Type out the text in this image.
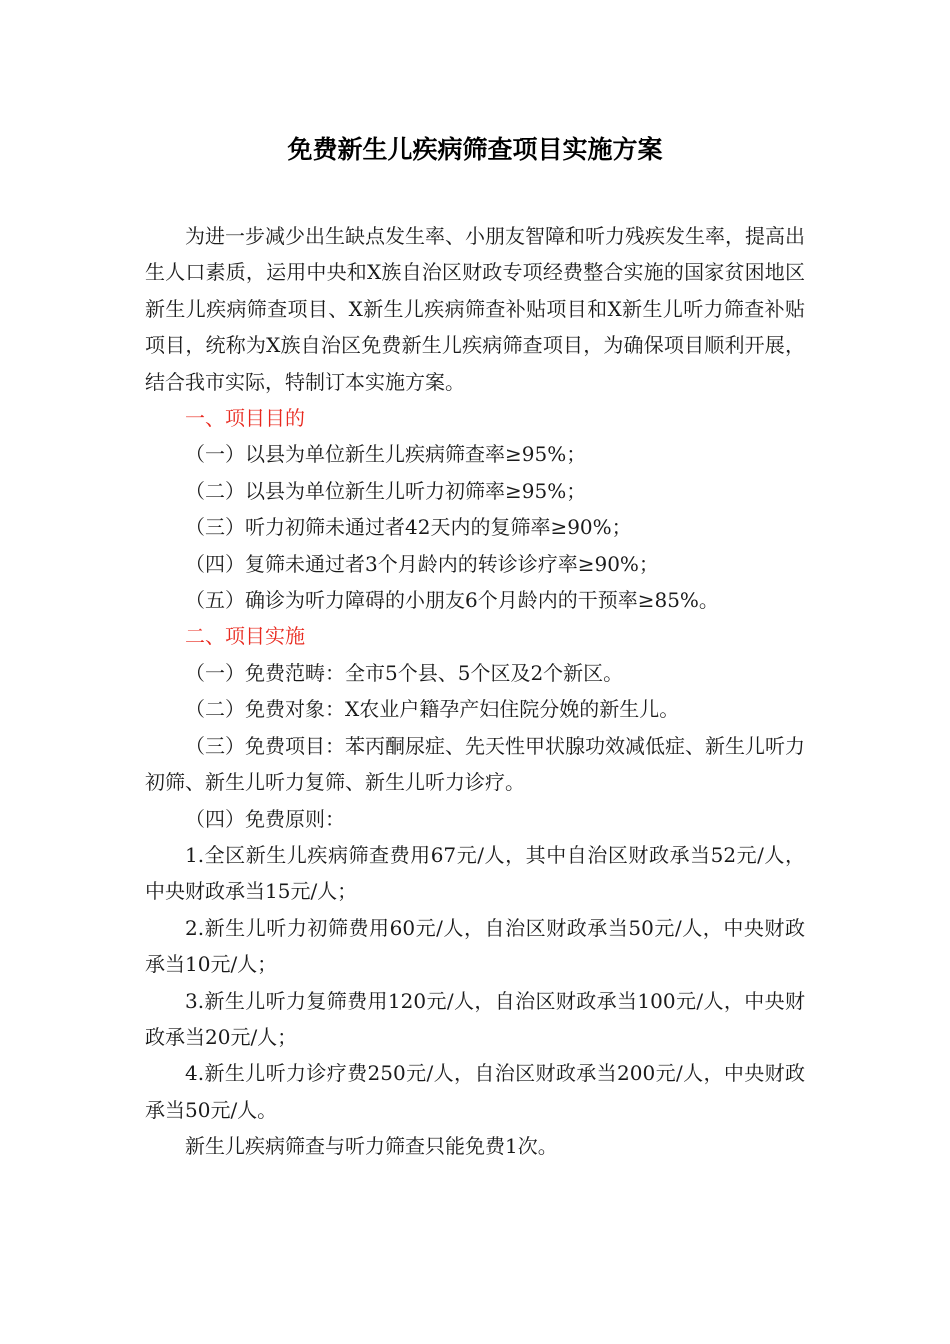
免费新生儿疾病筛查项目实施方案

为进一步减少出生缺点发生率、小朋友智障和听力残疾发生率，提高出生人口素质，运用中央和X族自治区财政专项经费整合实施的国家贫困地区新生儿疾病筛查项目、X新生儿疾病筛查补贴项目和X新生儿听力筛查补贴项目，统称为X族自治区免费新生儿疾病筛查项目，为确保项目顺利开展，结合我市实际，特制订本实施方案。

一、项目目的

（一）以县为单位新生儿疾病筛查率≥95%；

（二）以县为单位新生儿听力初筛率≥95%；

（三）听力初筛未通过者42天内的复筛率≥90%；

（四）复筛未通过者3个月龄内的转诊诊疗率≥90%；

（五）确诊为听力障碍的小朋友6个月龄内的干预率≥85%。

二、项目实施

（一）免费范畴：全市5个县、5个区及2个新区。

（二）免费对象：X农业户籍孕产妇住院分娩的新生儿。

（三）免费项目：苯丙酮尿症、先天性甲状腺功效减低症、新生儿听力初筛、新生儿听力复筛、新生儿听力诊疗。

（四）免费原则：

1.全区新生儿疾病筛查费用67元/人，其中自治区财政承当52元/人，中央财政承当15元/人；

2.新生儿听力初筛费用60元/人，自治区财政承当50元/人，中央财政承当10元/人；

3.新生儿听力复筛费用120元/人，自治区财政承当100元/人，中央财政承当20元/人；

4.新生儿听力诊疗费250元/人，自治区财政承当200元/人，中央财政承当50元/人。

新生儿疾病筛查与听力筛查只能免费1次。
